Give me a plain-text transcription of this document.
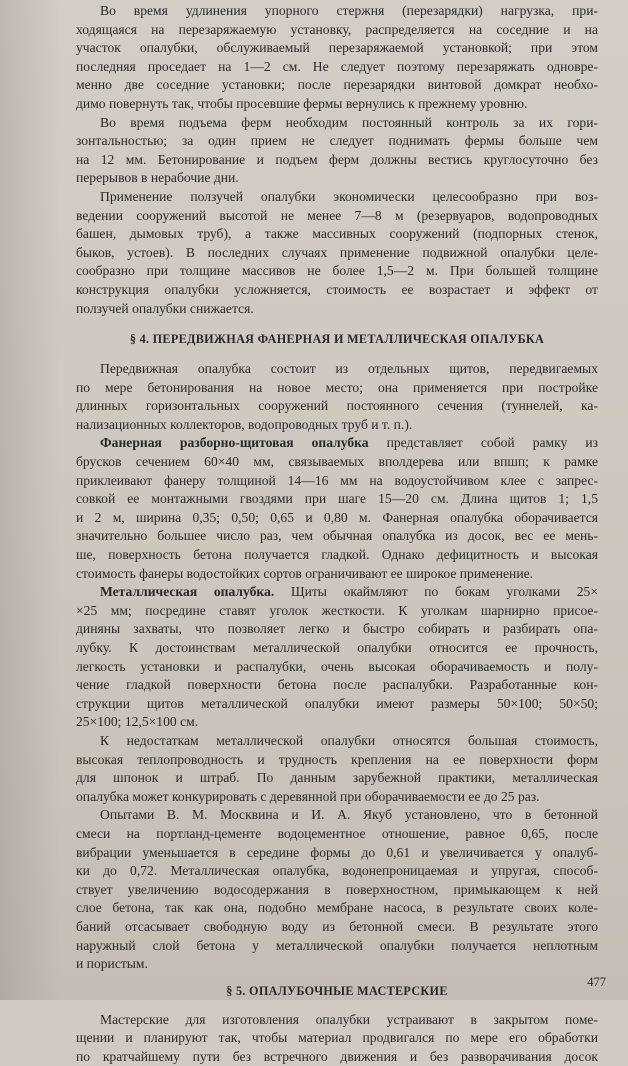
Во время удлинения упорного стержня (перезарядки) нагрузка, при-
ходящаяся на перезаряжаемую установку, распределяется на соседние и на
участок опалубки, обслуживаемый перезаряжаемой установкой; при этом
последняя проседает на 1—2 см. Не следует поэтому перезаряжать одновре-
менно две соседние установки; после перезарядки винтовой домкрат необхо-
димо повернуть так, чтобы просевшие фермы вернулись к прежнему уровню.
Во время подъема ферм необходим постоянный контроль за их гори-
зонтальностью; за один прием не следует поднимать фермы больше чем
на 12 мм. Бетонирование и подъем ферм должны вестись круглосуточно без
перерывов в нерабочие дни.
Применение ползучей опалубки экономически целесообразно при воз-
ведении сооружений высотой не менее 7—8 м (резервуаров, водопроводных
башен, дымовых труб), а также массивных сооружений (подпорных стенок,
быков, устоев). В последних случаях применение подвижной опалубки целе-
сообразно при толщине массивов не более 1,5—2 м. При большей толщине
конструкция опалубки усложняется, стоимость ее возрастает и эффект от
ползучей опалубки снижается.
§ 4. ПЕРЕДВИЖНАЯ ФАНЕРНАЯ И МЕТАЛЛИЧЕСКАЯ ОПАЛУБКА
Передвижная опалубка состоит из отдельных щитов, передвигаемых
по мере бетонирования на новое место; она применяется при постройке
длинных горизонтальных сооружений постоянного сечения (туннелей, ка-
нализационных коллекторов, водопроводных труб и т. п.).
Фанерная разборно-щитовая опалубка представляет собой рамку из
брусков сечением 60×40 мм, связываемых вполдерева или впшп; к рамке
приклеивают фанеру толщиной 14—16 мм на водоустойчивом клее с запрес-
совкой ее монтажными гвоздями при шаге 15—20 см. Длина щитов 1; 1,5
и 2 м, ширина 0,35; 0,50; 0,65 и 0,80 м. Фанерная опалубка оборачивается
значительно большее число раз, чем обычная опалубка из досок, вес ее мень-
ше, поверхность бетона получается гладкой. Однако дефицитность и высокая
стоимость фанеры водостойких сортов ограничивают ее широкое применение.
Металлическая опалубка. Щиты окаймляют по бокам уголками 25×
×25 мм; посредине ставят уголок жесткости. К уголкам шарнирно присое-
диняны захваты, что позволяет легко и быстро собирать и разбирать опа-
лубку. К достоинствам металлической опалубки относится ее прочность,
легкость установки и распалубки, очень высокая оборачиваемость и полу-
чение гладкой поверхности бетона после распалубки. Разработанные кон-
струкции щитов металлической опалубки имеют размеры 50×100; 50×50;
25×100; 12,5×100 см.
К недостаткам металлической опалубки относятся большая стоимость,
высокая теплопроводность и трудность крепления на ее поверхности форм
для шпонок и штраб. По данным зарубежной практики, металлическая
опалубка может конкурировать с деревянной при оборачиваемости ее до 25 раз.
Опытами В. М. Москвина и И. А. Якуб установлено, что в бетонной
смеси на портланд-цементе водоцементное отношение, равное 0,65, после
вибрации уменьшается в середине формы до 0,61 и увеличивается у опалуб-
ки до 0,72. Металлическая опалубка, водонепроницаемая и упругая, способ-
ствует увеличению водосодержания в поверхностном, примыкающем к ней
слое бетона, так как она, подобно мембране насоса, в результате своих коле-
баний отсасывает свободную воду из бетонной смеси. В результате этого
наружный слой бетона у металлической опалубки получается неплотным
и пористым.
§ 5. ОПАЛУБОЧНЫЕ МАСТЕРСКИЕ
Мастерские для изготовления опалубки устраивают в закрытом поме-
щении и планируют так, чтобы материал продвигался по мере его обработки
по кратчайшему пути без встречного движения и без разворачивания досок
477
